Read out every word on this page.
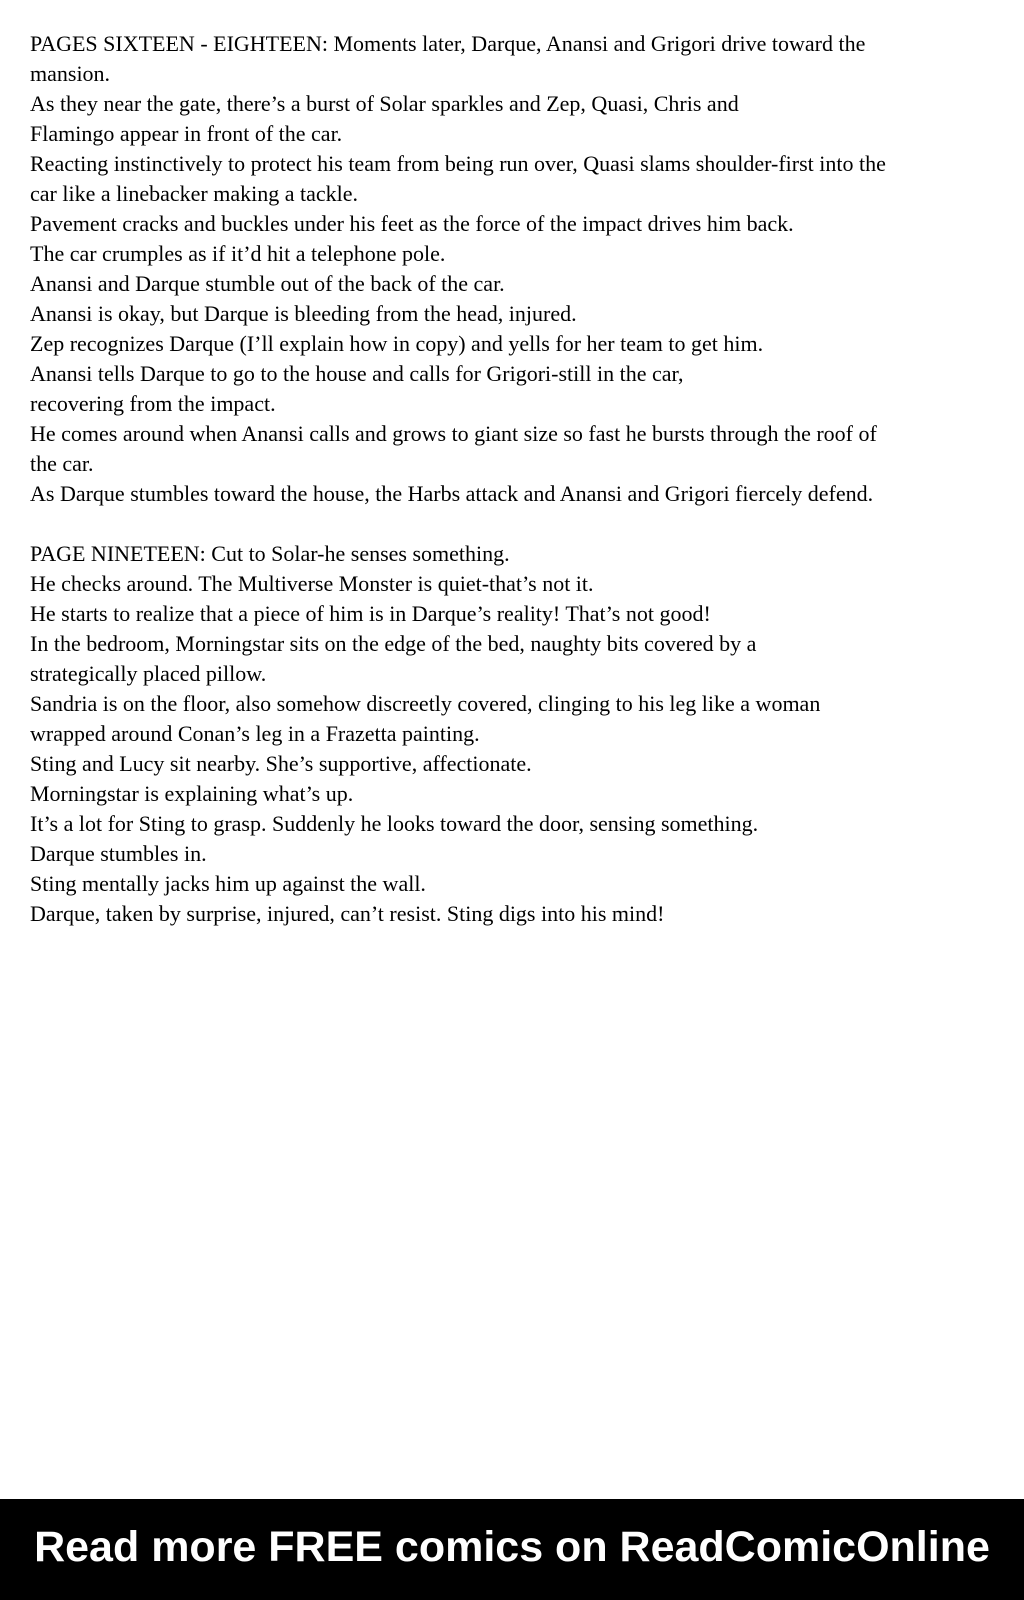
PAGES SIXTEEN - EIGHTEEN: Moments later, Darque, Anansi and Grigori drive toward the
mansion.
As they near the gate, there’s a burst of Solar sparkles and Zep, Quasi, Chris and
Flamingo appear in front of the car.
Reacting instinctively to protect his team from being run over, Quasi slams shoulder-first into the
car like a linebacker making a tackle.
Pavement cracks and buckles under his feet as the force of the impact drives him back.
The car crumples as if it’d hit a telephone pole.
Anansi and Darque stumble out of the back of the car.
Anansi is okay, but Darque is bleeding from the head, injured.
Zep recognizes Darque (I’ll explain how in copy) and yells for her team to get him.
Anansi tells Darque to go to the house and calls for Grigori-still in the car,
recovering from the impact.
He comes around when Anansi calls and grows to giant size so fast he bursts through the roof of
the car.
As Darque stumbles toward the house, the Harbs attack and Anansi and Grigori fiercely defend.
PAGE NINETEEN: Cut to Solar-he senses something.
He checks around. The Multiverse Monster is quiet-that’s not it.
He starts to realize that a piece of him is in Darque’s reality! That’s not good!
In the bedroom, Morningstar sits on the edge of the bed, naughty bits covered by a
strategically placed pillow.
Sandria is on the floor, also somehow discreetly covered, clinging to his leg like a woman
wrapped around Conan’s leg in a Frazetta painting.
Sting and Lucy sit nearby. She’s supportive, affectionate.
Morningstar is explaining what’s up.
It’s a lot for Sting to grasp. Suddenly he looks toward the door, sensing something.
Darque stumbles in.
Sting mentally jacks him up against the wall.
Darque, taken by surprise, injured, can’t resist. Sting digs into his mind!
Read more FREE comics on ReadComicOnline
